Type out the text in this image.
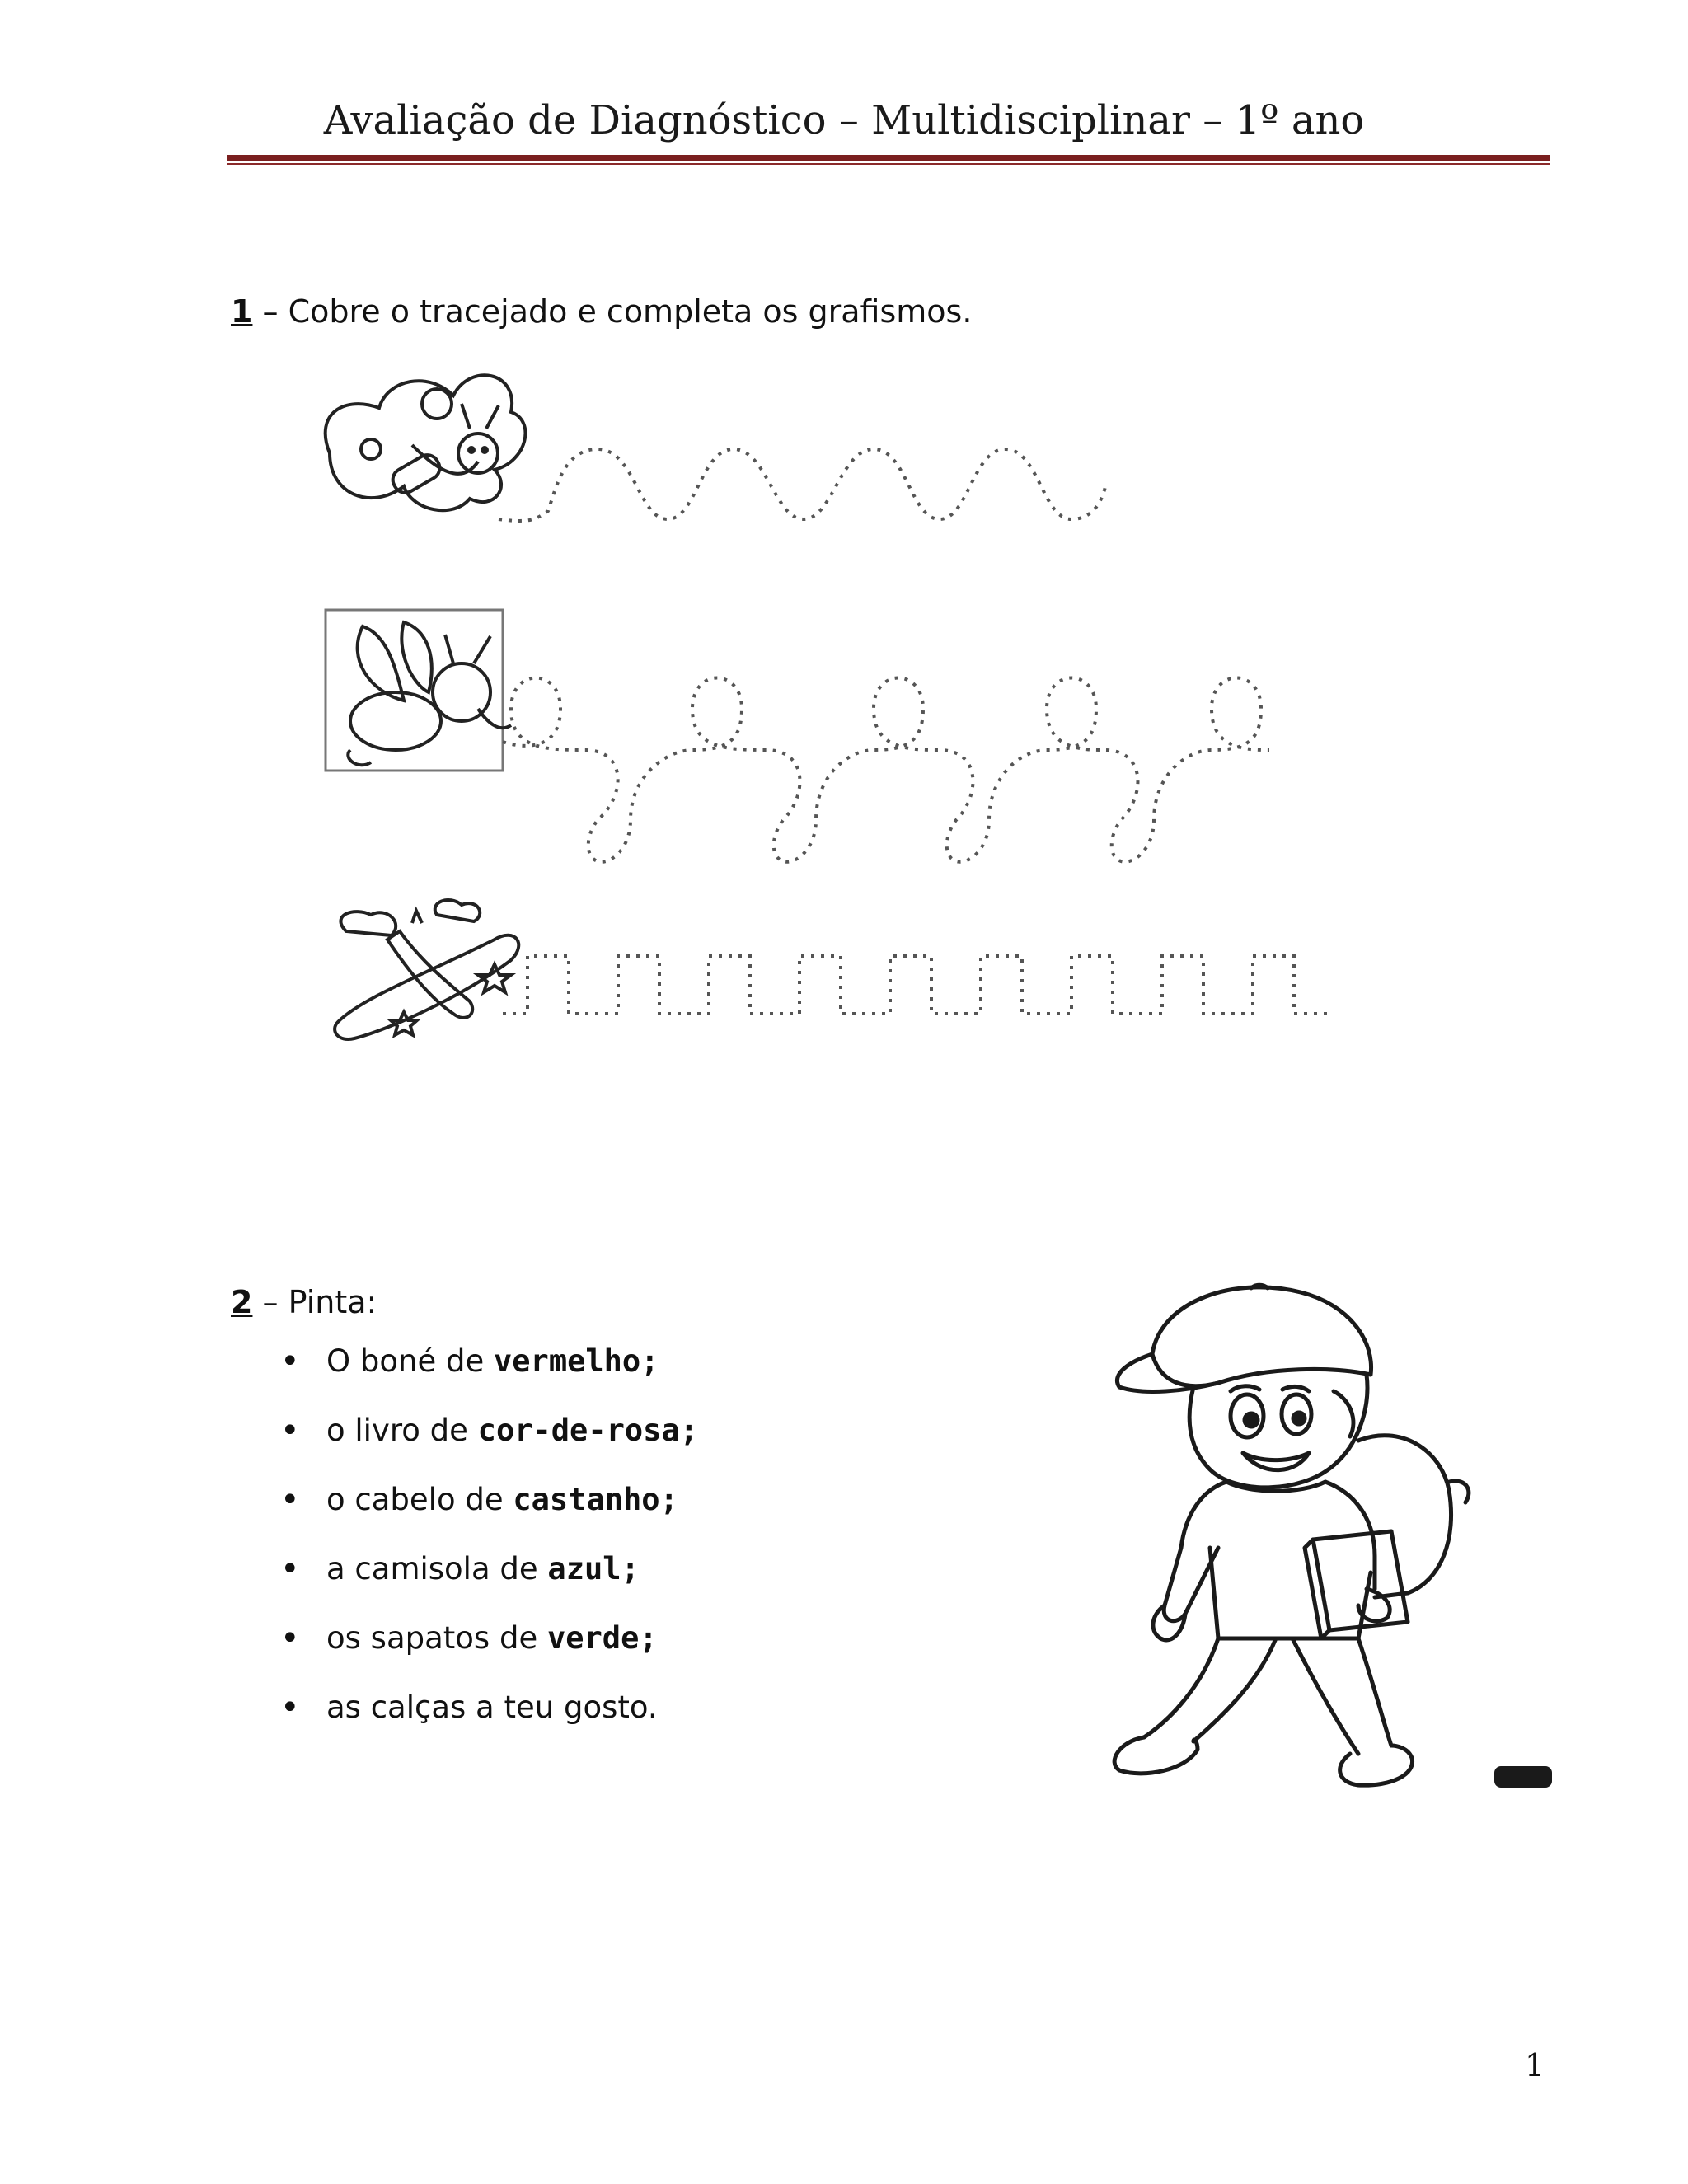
Avaliação de Diagnóstico – Multidisciplinar – 1º ano
1 – Cobre o tracejado e completa os grafismos.
2 – Pinta:
• O boné de vermelho;
• o livro de cor-de-rosa;
• o cabelo de castanho;
• a camisola de azul;
• os sapatos de verde;
• as calças a teu gosto.
1
